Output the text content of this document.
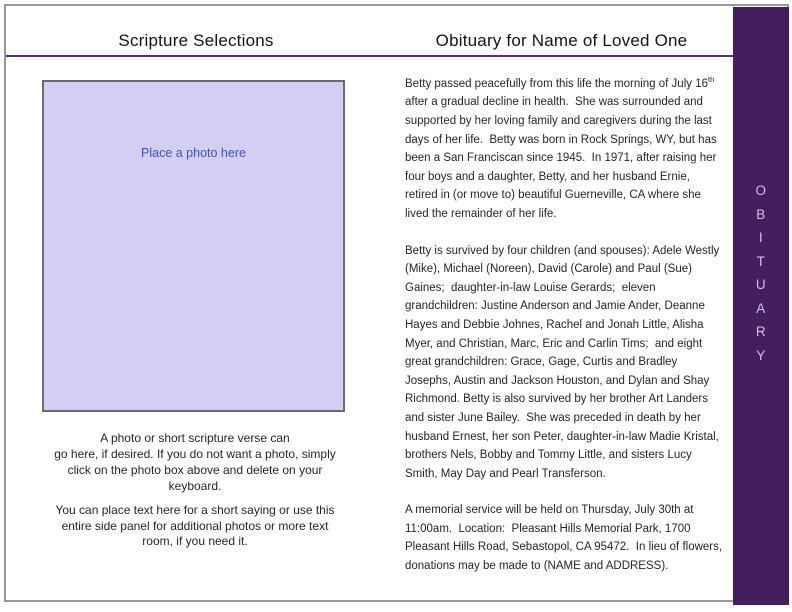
Scripture Selections	Obituary for Name of Loved One
Place a photo here
A photo or short scripture verse can
go here, if desired. If you do not want a photo, simply
click on the photo box above and delete on your
keyboard.
You can place text here for a short saying or use this
entire side panel for additional photos or more text
room, if you need it.

Betty passed peacefully from this life the morning of July 16th after a gradual decline in health.  She was surrounded and supported by her loving family and caregivers during the last days of her life.  Betty was born in Rock Springs, WY, but has been a San Franciscan since 1945.  In 1971, after raising her four boys and a daughter, Betty, and her husband Ernie, retired in (or move to) beautiful Guerneville, CA where she lived the remainder of her life.

Betty is survived by four children (and spouses): Adele Westly (Mike), Michael (Noreen), David (Carole) and Paul (Sue) Gaines;  daughter-in-law Louise Gerards;  eleven grandchildren: Justine Anderson and Jamie Ander, Deanne Hayes and Debbie Johnes, Rachel and Jonah Little, Alisha Myer, and Christian, Marc, Eric and Carlin Tims;  and eight great grandchildren: Grace, Gage, Curtis and Bradley Josephs, Austin and Jackson Houston, and Dylan and Shay Richmond. Betty is also survived by her brother Art Landers and sister June Bailey.  She was preceded in death by her husband Ernest, her son Peter, daughter-in-law Madie Kristal, brothers Nels, Bobby and Tommy Little, and sisters Lucy Smith, May Day and Pearl Transferson.

A memorial service will be held on Thursday, July 30th at 11:00am.  Location:  Pleasant Hills Memorial Park, 1700 Pleasant Hills Road, Sebastopol, CA 95472.  In lieu of flowers, donations may be made to (NAME and ADDRESS).

O
B
I
T
U
A
R
Y
